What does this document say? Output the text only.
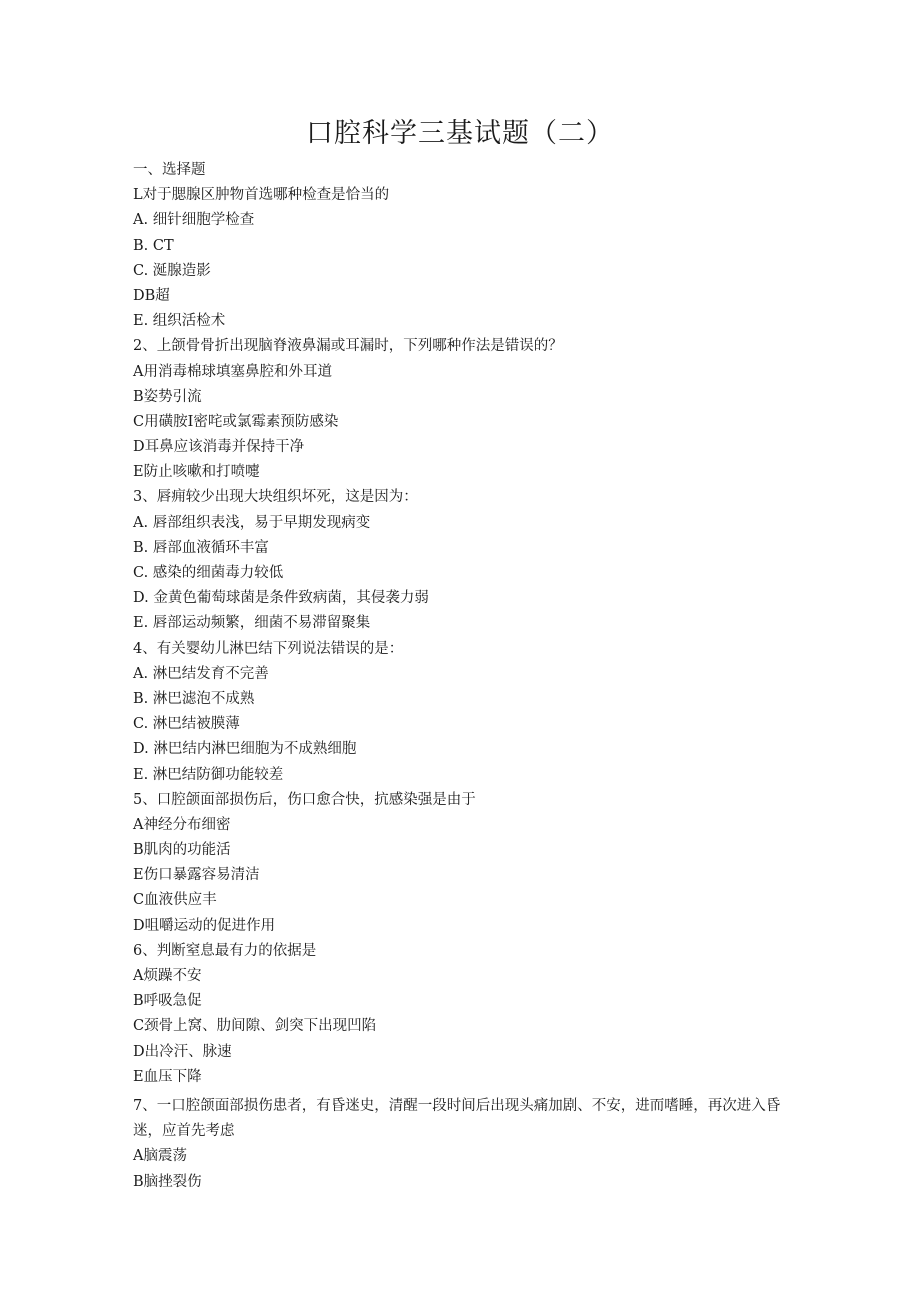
口腔科学三基试题（二）
一、选择题
L对于腮腺区肿物首选哪种检查是恰当的
A. 细针细胞学检查
B. CT
C. 涎腺造影
DB超
E. 组织活检术
2、上颌骨骨折出现脑脊液鼻漏或耳漏时，下列哪种作法是错误的？
A用消毒棉球填塞鼻腔和外耳道
B姿势引流
C用磺胺I密咤或氯霉素预防感染
D耳鼻应该消毒并保持干净
E防止咳嗽和打喷嚏
3、唇痈较少出现大块组织坏死，这是因为：
A. 唇部组织表浅，易于早期发现病变
B. 唇部血液循环丰富
C. 感染的细菌毒力较低
D. 金黄色葡萄球菌是条件致病菌，其侵袭力弱
E. 唇部运动频繁，细菌不易滞留聚集
4、有关婴幼儿淋巴结下列说法错误的是：
A. 淋巴结发育不完善
B. 淋巴滤泡不成熟
C. 淋巴结被膜薄
D. 淋巴结内淋巴细胞为不成熟细胞
E. 淋巴结防御功能较差
5、口腔颌面部损伤后，伤口愈合快，抗感染强是由于
A神经分布细密
B肌肉的功能活
E伤口暴露容易清洁
C血液供应丰
D咀嚼运动的促进作用
6、判断窒息最有力的依据是
A烦躁不安
B呼吸急促
C颈骨上窝、肋间隙、剑突下出现凹陷
D出冷汗、脉速
E血压下降
7、一口腔颌面部损伤患者，有昏迷史，清醒一段时间后出现头痛加剧、不安，进而嗜睡，再次进入昏迷，应首先考虑
A脑震荡
B脑挫裂伤
